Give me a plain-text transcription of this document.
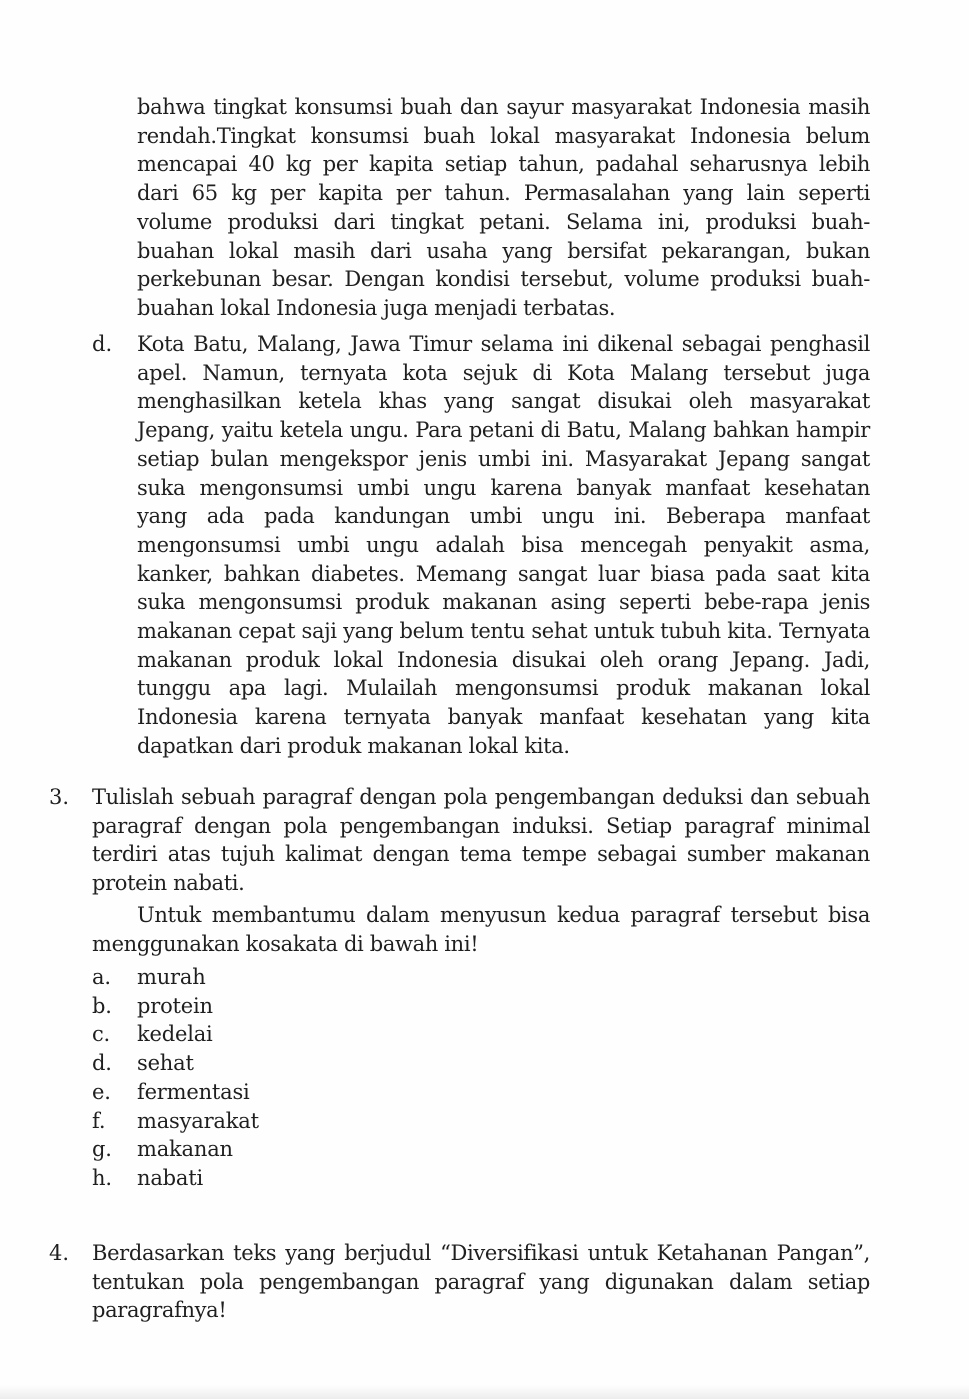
bahwa tingkat konsumsi buah dan sayur masyarakat Indonesia masih rendah.Tingkat konsumsi buah lokal masyarakat Indonesia belum mencapai 40 kg per kapita setiap tahun, padahal seharusnya lebih dari 65 kg per kapita per tahun. Permasalahan yang lain seperti volume produksi dari tingkat petani. Selama ini, produksi buah-buahan lokal masih dari usaha yang bersifat pekarangan, bukan perkebunan besar. Dengan kondisi tersebut, volume produksi buah-buahan lokal Indonesia juga menjadi terbatas.
d. Kota Batu, Malang, Jawa Timur selama ini dikenal sebagai penghasil apel. Namun, ternyata kota sejuk di Kota Malang tersebut juga menghasilkan ketela khas yang sangat disukai oleh masyarakat Jepang, yaitu ketela ungu. Para petani di Batu, Malang bahkan hampir setiap bulan mengekspor jenis umbi ini. Masyarakat Jepang sangat suka mengonsumsi umbi ungu karena banyak manfaat kesehatan yang ada pada kandungan umbi ungu ini. Beberapa manfaat mengonsumsi umbi ungu adalah bisa mencegah penyakit asma, kanker, bahkan diabetes. Memang sangat luar biasa pada saat kita suka mengonsumsi produk makanan asing seperti bebe-rapa jenis makanan cepat saji yang belum tentu sehat untuk tubuh kita. Ternyata makanan produk lokal Indonesia disukai oleh orang Jepang. Jadi, tunggu apa lagi. Mulailah mengonsumsi produk makanan lokal Indonesia karena ternyata banyak manfaat kesehatan yang kita dapatkan dari produk makanan lokal kita.
3. Tulislah sebuah paragraf dengan pola pengembangan deduksi dan sebuah paragraf dengan pola pengembangan induksi. Setiap paragraf minimal terdiri atas tujuh kalimat dengan tema tempe sebagai sumber makanan protein nabati.
Untuk membantumu dalam menyusun kedua paragraf tersebut bisa menggunakan kosakata di bawah ini!
a.	murah
b.	protein
c.	kedelai
d.	sehat
e.	fermentasi
f.	masyarakat
g.	makanan
h.	nabati
4. Berdasarkan teks yang berjudul “Diversifikasi untuk Ketahanan Pangan”, tentukan pola pengembangan paragraf yang digunakan dalam setiap paragrafnya!
